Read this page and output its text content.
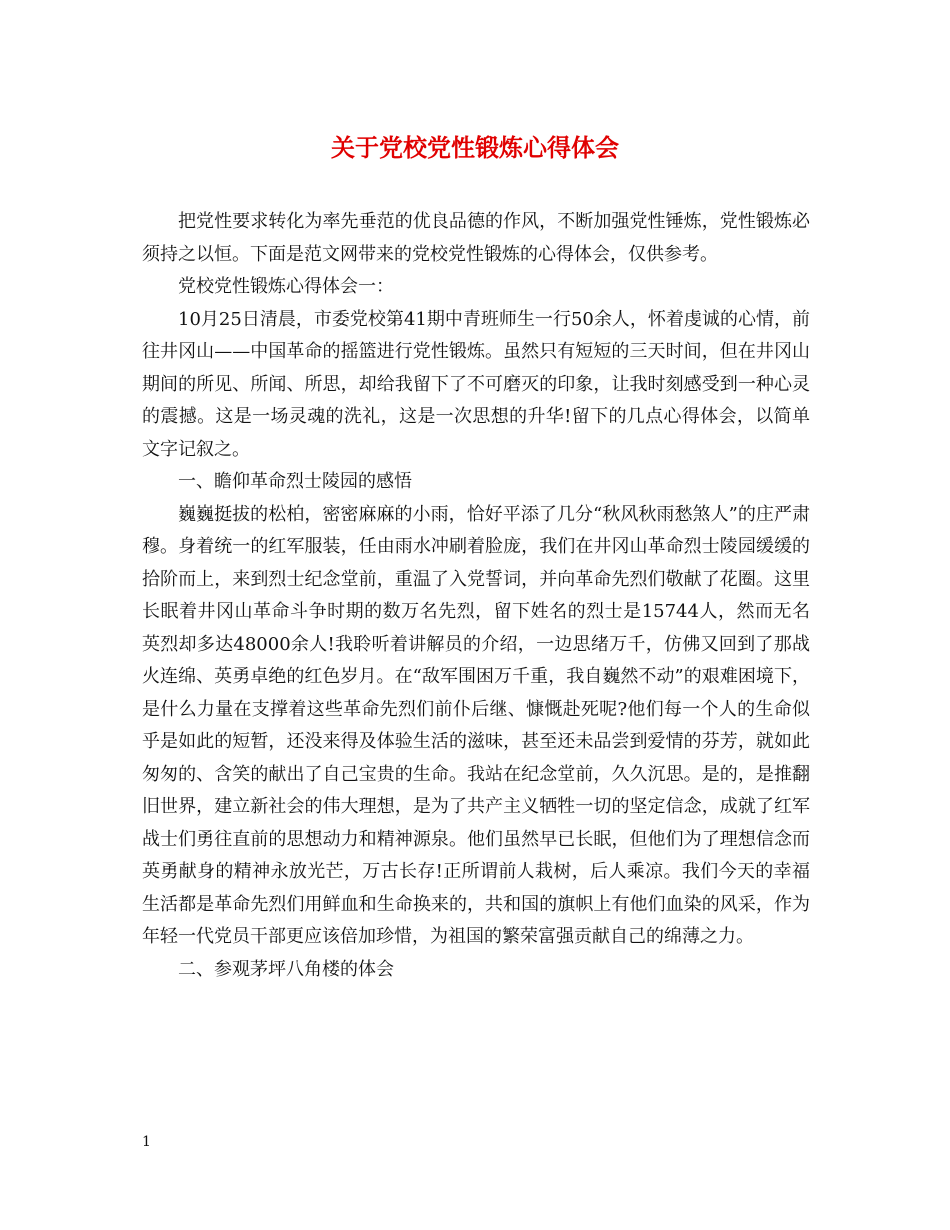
关于党校党性锻炼心得体会

把党性要求转化为率先垂范的优良品德的作风，不断加强党性锤炼，党性锻炼必须持之以恒。下面是范文网带来的党校党性锻炼的心得体会，仅供参考。

党校党性锻炼心得体会一：

10月25日清晨，市委党校第41期中青班师生一行50余人，怀着虔诚的心情，前往井冈山——中国革命的摇篮进行党性锻炼。虽然只有短短的三天时间，但在井冈山期间的所见、所闻、所思，却给我留下了不可磨灭的印象，让我时刻感受到一种心灵的震撼。这是一场灵魂的洗礼，这是一次思想的升华!留下的几点心得体会，以简单文字记叙之。

一、瞻仰革命烈士陵园的感悟

巍巍挺拔的松柏，密密麻麻的小雨，恰好平添了几分“秋风秋雨愁煞人”的庄严肃穆。身着统一的红军服装，任由雨水冲刷着脸庞，我们在井冈山革命烈士陵园缓缓的拾阶而上，来到烈士纪念堂前，重温了入党誓词，并向革命先烈们敬献了花圈。这里长眠着井冈山革命斗争时期的数万名先烈，留下姓名的烈士是15744人，然而无名英烈却多达48000余人!我聆听着讲解员的介绍，一边思绪万千，仿佛又回到了那战火连绵、英勇卓绝的红色岁月。在“敌军围困万千重，我自巍然不动”的艰难困境下，是什么力量在支撑着这些革命先烈们前仆后继、慷慨赴死呢?他们每一个人的生命似乎是如此的短暂，还没来得及体验生活的滋味，甚至还未品尝到爱情的芬芳，就如此匆匆的、含笑的献出了自己宝贵的生命。我站在纪念堂前，久久沉思。是的，是推翻旧世界，建立新社会的伟大理想，是为了共产主义牺牲一切的坚定信念，成就了红军战士们勇往直前的思想动力和精神源泉。他们虽然早已长眠，但他们为了理想信念而英勇献身的精神永放光芒，万古长存!正所谓前人栽树，后人乘凉。我们今天的幸福生活都是革命先烈们用鲜血和生命换来的，共和国的旗帜上有他们血染的风采，作为年轻一代党员干部更应该倍加珍惜，为祖国的繁荣富强贡献自己的绵薄之力。

二、参观茅坪八角楼的体会

1
